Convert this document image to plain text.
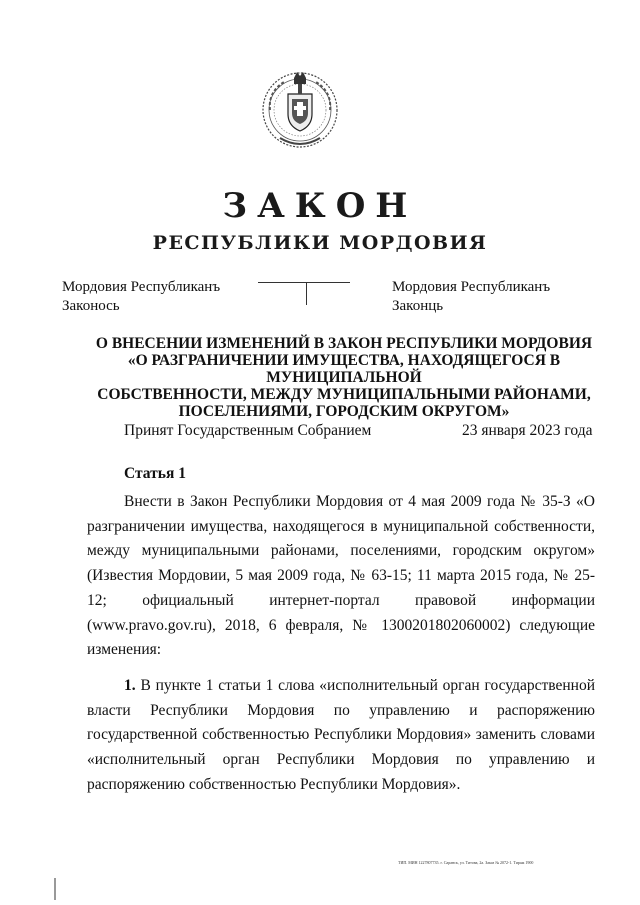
ЗАКОН
РЕСПУБЛИКИ МОРДОВИЯ
Мордовия Республиканъ
Законось
Мордовия Республиканъ
Законць
О ВНЕСЕНИИ ИЗМЕНЕНИЙ В ЗАКОН РЕСПУБЛИКИ МОРДОВИЯ
«О РАЗГРАНИЧЕНИИ ИМУЩЕСТВА, НАХОДЯЩЕГОСЯ В МУНИЦИПАЛЬНОЙ
СОБСТВЕННОСТИ, МЕЖДУ МУНИЦИПАЛЬНЫМИ РАЙОНАМИ,
ПОСЕЛЕНИЯМИ, ГОРОДСКИМ ОКРУГОМ»
Принят Государственным Собранием	23 января 2023 года
Статья 1

Внести в Закон Республики Мордовия от 4 мая 2009 года № 35-З «О разграничении имущества, находящегося в муниципальной собственности, между муниципальными районами, поселениями, городским округом» (Известия Мордовии, 5 мая 2009 года, № 63-15; 11 марта 2015 года, № 25-12; официальный интернет-портал правовой информации (www.pravo.gov.ru), 2018, 6 февраля, № 1300201802060002) следующие изменения:

1. В пункте 1 статьи 1 слова «исполнительный орган государственной власти Республики Мордовия по управлению и распоряжению государственной собственностью Республики Мордовия» заменить словами «исполнительный орган Республики Мордовия по управлению и распоряжению собственностью Республики Мордовия».

ТИП. МИН 1227807735. г. Саранск, ул. Титова, 2а. Заказ № 2072-1. Тираж 1900
